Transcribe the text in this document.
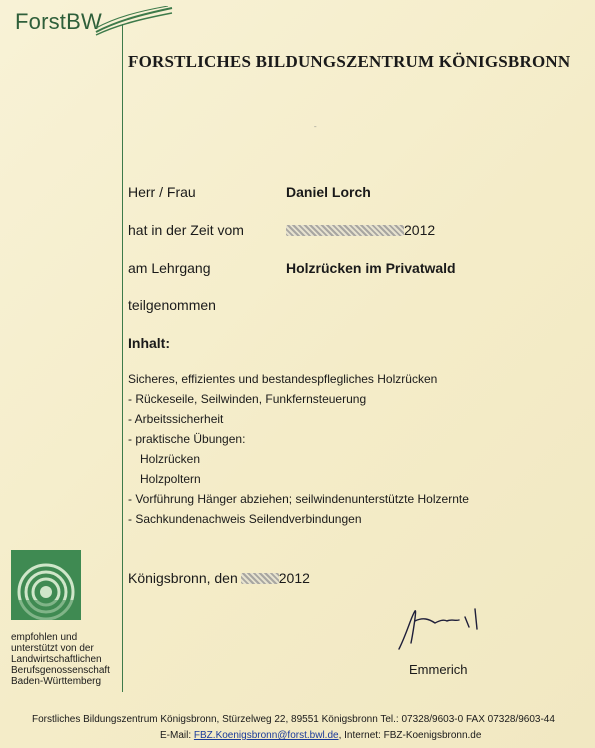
ForstBW
FORSTLICHES BILDUNGSZENTRUM KÖNIGSBRONN
ˉ
Herr / Frau	Daniel Lorch
hat in der Zeit vom	2012
am Lehrgang	Holzrücken im Privatwald
teilgenommen
Inhalt:
Sicheres, effizientes und bestandespflegliches Holzrücken
- Rückeseile, Seilwinden, Funkfernsteuerung
- Arbeitssicherheit
- praktische Übungen:
Holzrücken
Holzpoltern
- Vorführung Hänger abziehen; seilwindenunterstützte Holzernte
- Sachkundenachweis Seilendverbindungen
Königsbronn, den	2012
empfohlen und
unterstützt von der
Landwirtschaftlichen
Berufsgenossenschaft
Baden-Württemberg
Emmerich
Forstliches Bildungszentrum Königsbronn, Stürzelweg 22, 89551 Königsbronn Tel.: 07328/9603-0 FAX 07328/9603-44
E-Mail: FBZ.Koenigsbronn@forst.bwl.de, Internet: FBZ-Koenigsbronn.de
